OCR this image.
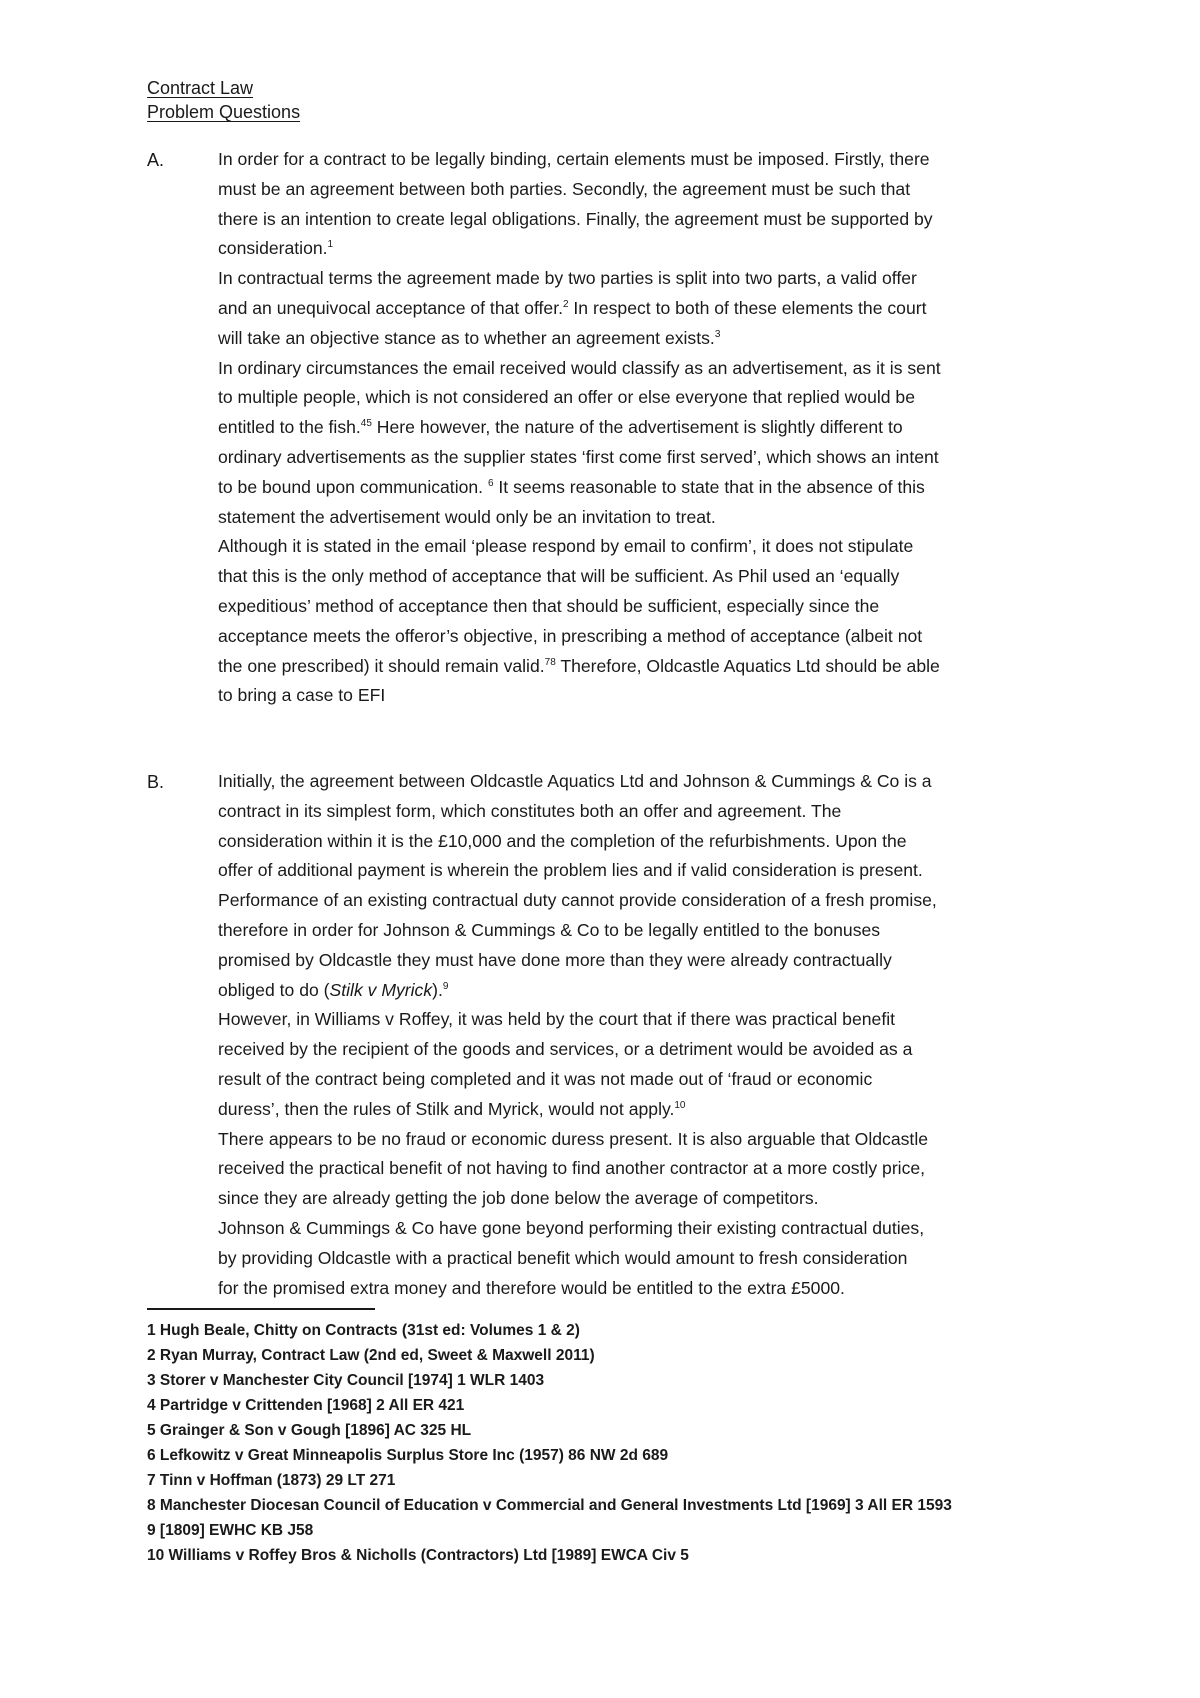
Contract Law
Problem Questions
A.	In order for a contract to be legally binding, certain elements must be imposed. Firstly, there
must be an agreement between both parties. Secondly, the agreement must be such that
there is an intention to create legal obligations. Finally, the agreement must be supported by
consideration.$^1$
In contractual terms the agreement made by two parties is split into two parts, a valid offer
and an unequivocal acceptance of that offer.$^2$ In respect to both of these elements the court
will take an objective stance as to whether an agreement exists.$^3$
In ordinary circumstances the email received would classify as an advertisement, as it is sent
to multiple people, which is not considered an offer or else everyone that replied would be
entitled to the fish.$^{45}$ Here however, the nature of the advertisement is slightly different to
ordinary advertisements as the supplier states ‘first come first served’, which shows an intent
to be bound upon communication. $^6$ It seems reasonable to state that in the absence of this
statement the advertisement would only be an invitation to treat.
Although it is stated in the email ‘please respond by email to confirm’, it does not stipulate
that this is the only method of acceptance that will be sufficient. As Phil used an ‘equally
expeditious’ method of acceptance then that should be sufficient, especially since the
acceptance meets the offeror’s objective, in prescribing a method of acceptance (albeit not
the one prescribed) it should remain valid.$^{78}$ Therefore, Oldcastle Aquatics Ltd should be able
to bring a case to EFI
B.	Initially, the agreement between Oldcastle Aquatics Ltd and Johnson & Cummings & Co is a
contract in its simplest form, which constitutes both an offer and agreement. The
consideration within it is the £10,000 and the completion of the refurbishments. Upon the
offer of additional payment is wherein the problem lies and if valid consideration is present.
Performance of an existing contractual duty cannot provide consideration of a fresh promise,
therefore in order for Johnson & Cummings & Co to be legally entitled to the bonuses
promised by Oldcastle they must have done more than they were already contractually
obliged to do (Stilk v Myrick).$^9$
However, in Williams v Roffey, it was held by the court that if there was practical benefit
received by the recipient of the goods and services, or a detriment would be avoided as a
result of the contract being completed and it was not made out of ‘fraud or economic
duress’, then the rules of Stilk and Myrick, would not apply.$^{10}$
There appears to be no fraud or economic duress present. It is also arguable that Oldcastle
received the practical benefit of not having to find another contractor at a more costly price,
since they are already getting the job done below the average of competitors.
Johnson & Cummings & Co have gone beyond performing their existing contractual duties,
by providing Oldcastle with a practical benefit which would amount to fresh consideration
for the promised extra money and therefore would be entitled to the extra £5000.
1 Hugh Beale, Chitty on Contracts (31st ed: Volumes 1 & 2)
2 Ryan Murray, Contract Law (2nd ed, Sweet & Maxwell 2011)
3 Storer v Manchester City Council [1974] 1 WLR 1403
4 Partridge v Crittenden [1968] 2 All ER 421
5 Grainger & Son v Gough [1896] AC 325 HL
6 Lefkowitz v Great Minneapolis Surplus Store Inc (1957) 86 NW 2d 689
7 Tinn v Hoffman (1873) 29 LT 271
8 Manchester Diocesan Council of Education v Commercial and General Investments Ltd [1969] 3 All ER 1593
9 [1809] EWHC KB J58
10 Williams v Roffey Bros & Nicholls (Contractors) Ltd [1989] EWCA Civ 5
